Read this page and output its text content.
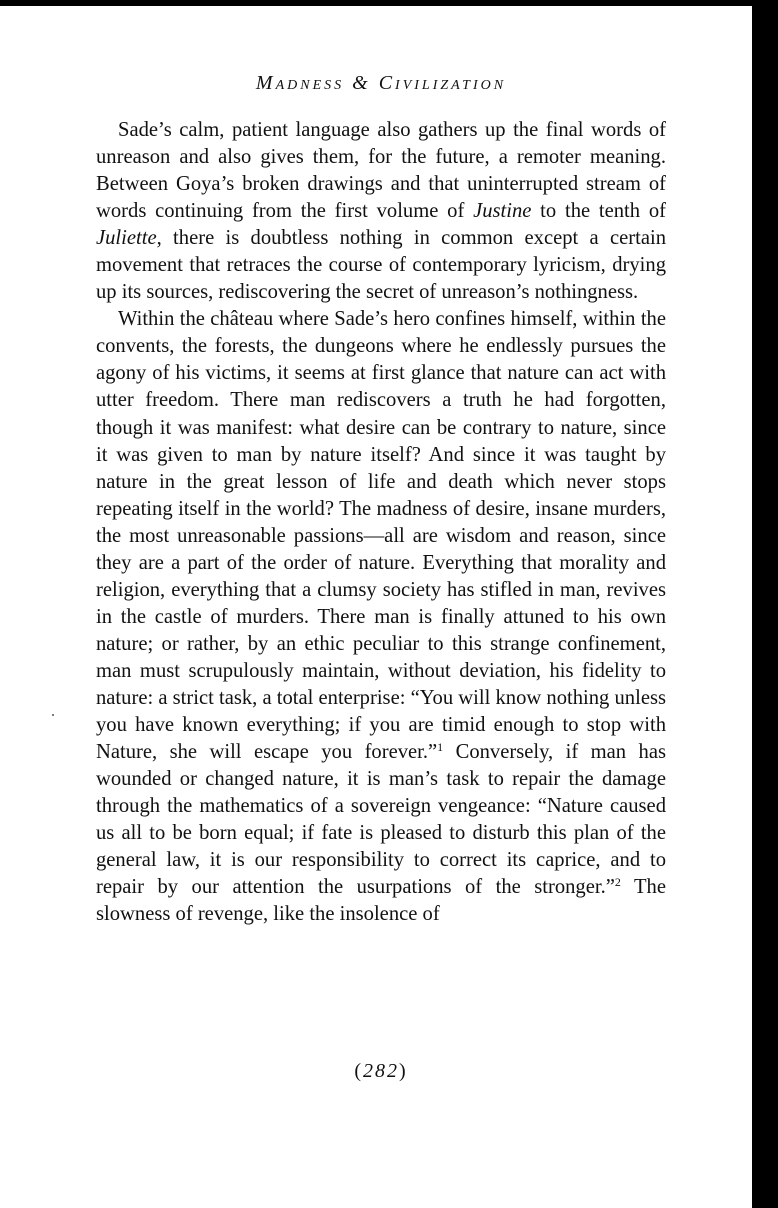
Madness & Civilization

Sade’s calm, patient language also gathers up the final words of unreason and also gives them, for the future, a remoter meaning. Between Goya’s broken drawings and that uninterrupted stream of words continuing from the first volume of Justine to the tenth of Juliette, there is doubtless nothing in common except a certain movement that retraces the course of contemporary lyricism, drying up its sources, rediscovering the secret of unreason’s nothingness.

Within the château where Sade’s hero confines himself, within the convents, the forests, the dungeons where he endlessly pursues the agony of his victims, it seems at first glance that nature can act with utter freedom. There man rediscovers a truth he had forgotten, though it was manifest: what desire can be contrary to nature, since it was given to man by nature itself? And since it was taught by nature in the great lesson of life and death which never stops repeating itself in the world? The madness of desire, insane murders, the most unreasonable passions—all are wisdom and reason, since they are a part of the order of nature. Everything that morality and religion, everything that a clumsy society has stifled in man, revives in the castle of murders. There man is finally attuned to his own nature; or rather, by an ethic peculiar to this strange confinement, man must scrupulously maintain, without deviation, his fidelity to nature: a strict task, a total enterprise: “You will know nothing unless you have known everything; if you are timid enough to stop with Nature, she will escape you forever.”$^1$ Conversely, if man has wounded or changed nature, it is man’s task to repair the damage through the mathematics of a sovereign vengeance: “Nature caused us all to be born equal; if fate is pleased to disturb this plan of the general law, it is our responsibility to correct its caprice, and to repair by our attention the usurpations of the stronger.”$^2$ The slowness of revenge, like the insolence of

(282)
